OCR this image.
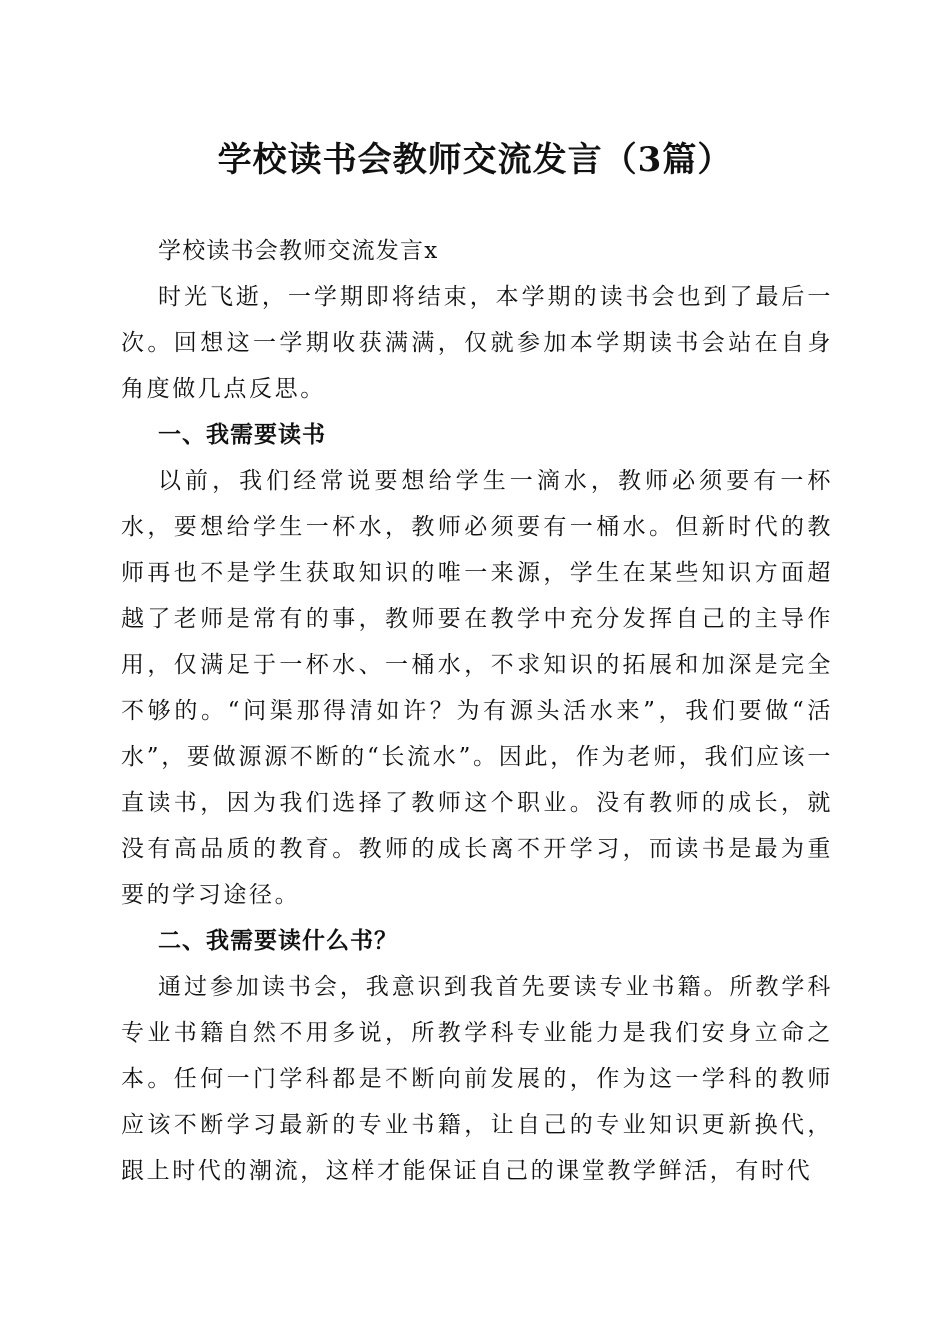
学校读书会教师交流发言（3篇）

学校读书会教师交流发言x

时光飞逝，一学期即将结束，本学期的读书会也到了最后一次。回想这一学期收获满满，仅就参加本学期读书会站在自身角度做几点反思。

一、我需要读书

以前，我们经常说要想给学生一滴水，教师必须要有一杯水，要想给学生一杯水，教师必须要有一桶水。但新时代的教师再也不是学生获取知识的唯一来源，学生在某些知识方面超越了老师是常有的事，教师要在教学中充分发挥自己的主导作用，仅满足于一杯水、一桶水，不求知识的拓展和加深是完全不够的。“问渠那得清如许？为有源头活水来”，我们要做“活水”，要做源源不断的“长流水”。因此，作为老师，我们应该一直读书，因为我们选择了教师这个职业。没有教师的成长，就没有高品质的教育。教师的成长离不开学习，而读书是最为重要的学习途径。

二、我需要读什么书？

通过参加读书会，我意识到我首先要读专业书籍。所教学科专业书籍自然不用多说，所教学科专业能力是我们安身立命之本。任何一门学科都是不断向前发展的，作为这一学科的教师应该不断学习最新的专业书籍，让自己的专业知识更新换代，跟上时代的潮流，这样才能保证自己的课堂教学鲜活，有时代
